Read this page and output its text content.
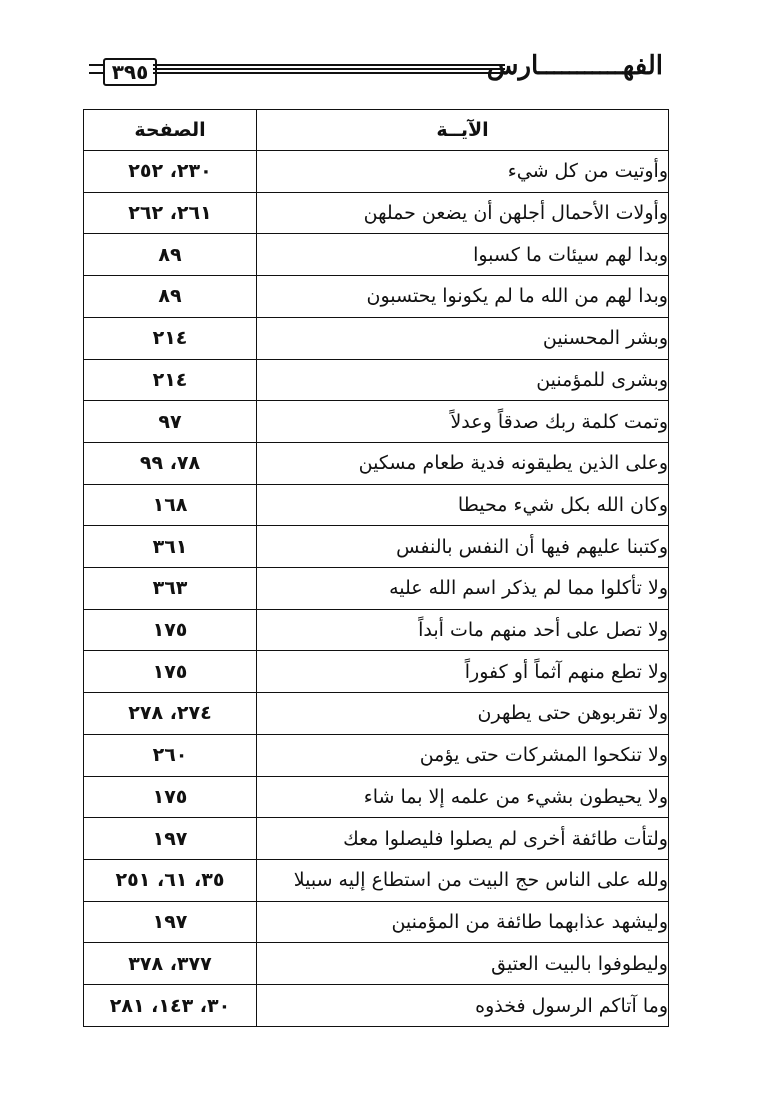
٣٩٥	الفهـــــــــــارس
الآيــة	الصفحة
وأوتيت من كل شيء	٢٣٠، ٢٥٢
وأولات الأحمال أجلهن أن يضعن حملهن	٢٦١، ٢٦٢
وبدا لهم سيئات ما كسبوا	٨٩
وبدا لهم من الله ما لم يكونوا يحتسبون	٨٩
وبشر المحسنين	٢١٤
وبشرى للمؤمنين	٢١٤
وتمت كلمة ربك صدقاً وعدلاً	٩٧
وعلى الذين يطيقونه فدية طعام مسكين	٧٨، ٩٩
وكان الله بكل شيء محيطا	١٦٨
وكتبنا عليهم فيها أن النفس بالنفس	٣٦١
ولا تأكلوا مما لم يذكر اسم الله عليه	٣٦٣
ولا تصل على أحد منهم مات أبداً	١٧٥
ولا تطع منهم آثماً أو كفوراً	١٧٥
ولا تقربوهن حتى يطهرن	٢٧٤، ٢٧٨
ولا تنكحوا المشركات حتى يؤمن	٢٦٠
ولا يحيطون بشيء من علمه إلا بما شاء	١٧٥
ولتأت طائفة أخرى لم يصلوا فليصلوا معك	١٩٧
ولله على الناس حج البيت من استطاع إليه سبيلا	٣٥، ٦١، ٢٥١
وليشهد عذابهما طائفة من المؤمنين	١٩٧
وليطوفوا بالبيت العتيق	٣٧٧، ٣٧٨
وما آتاكم الرسول فخذوه	٣٠، ١٤٣، ٢٨١
